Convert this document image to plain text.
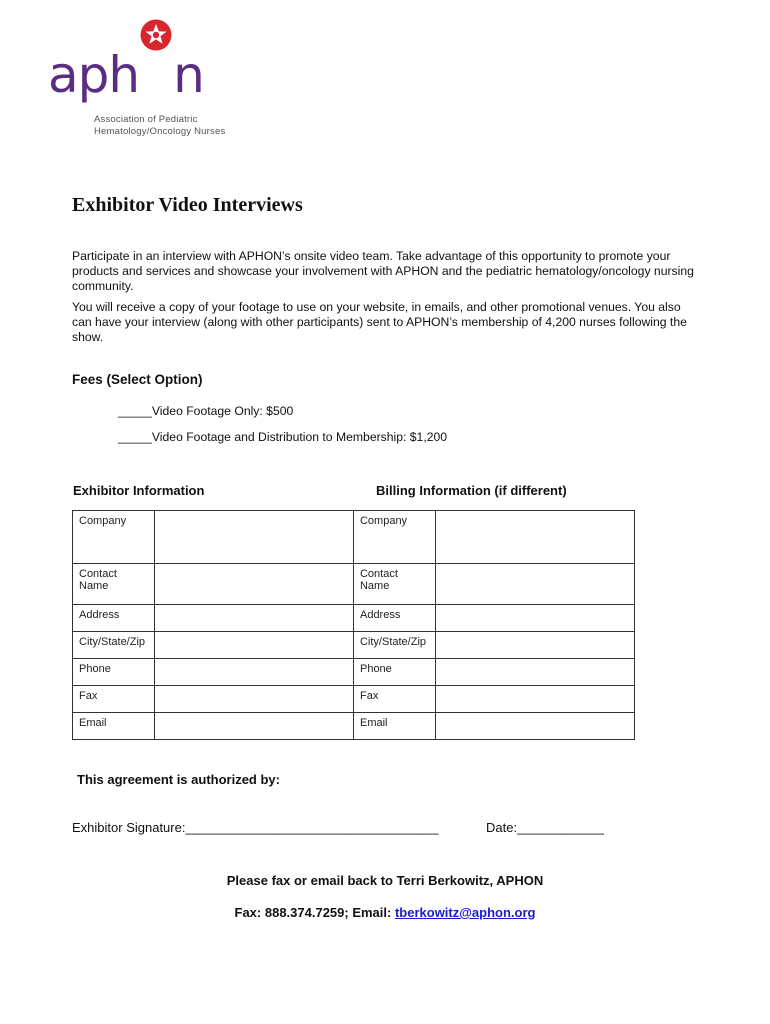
aph n
Association of Pediatric
Hematology/Oncology Nurses
Exhibitor Video Interviews
Participate in an interview with APHON’s onsite video team. Take advantage of this opportunity to promote your products and services and showcase your involvement with APHON and the pediatric hematology/oncology nursing community.
You will receive a copy of your footage to use on your website, in emails, and other promotional venues. You also can have your interview (along with other participants) sent to APHON’s membership of 4,200 nurses following the show.
Fees (Select Option)
_____Video Footage Only: $500
_____Video Footage and Distribution to Membership: $1,200
Exhibitor Information	Billing Information (if different)
Company		Company	
Contact Name		Contact Name	
Address		Address	
City/State/Zip		City/State/Zip	
Phone		Phone	
Fax		Fax	
Email		Email	
This agreement is authorized by:
Exhibitor Signature:___________________________________	Date:____________
Please fax or email back to Terri Berkowitz, APHON
Fax: 888.374.7259; Email: tberkowitz@aphon.org
